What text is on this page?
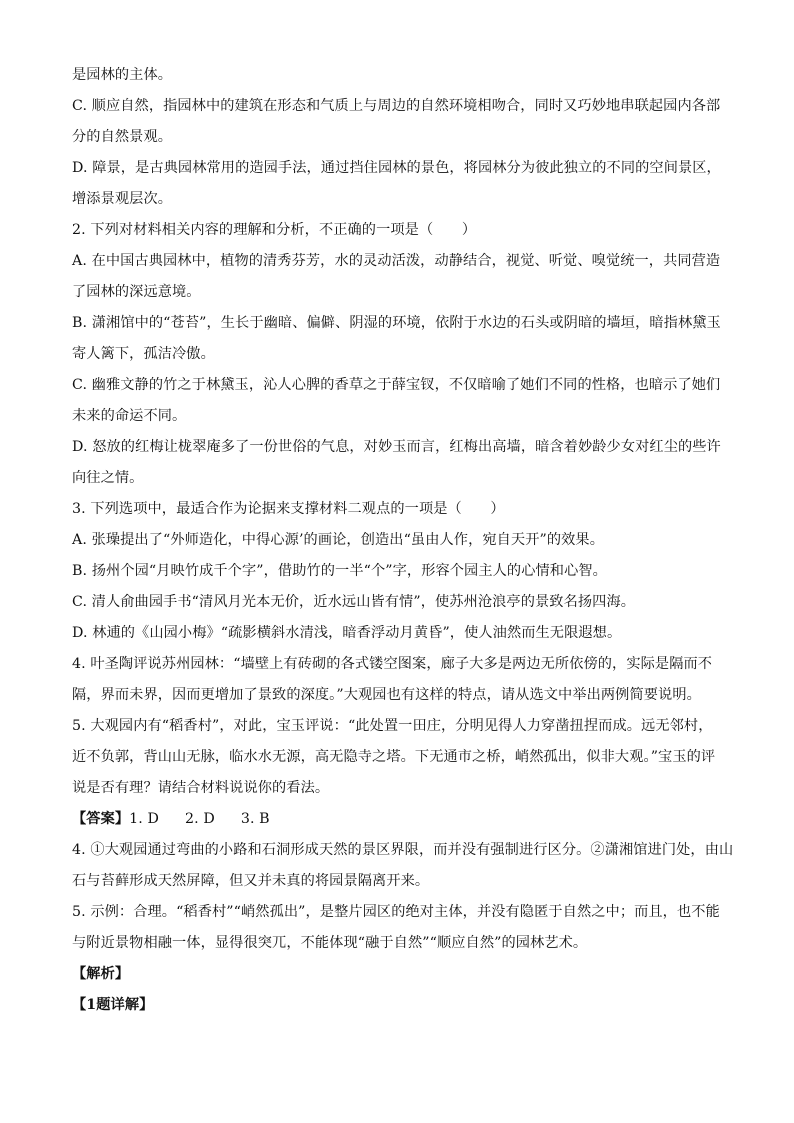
是园林的主体。
C. 顺应自然，指园林中的建筑在形态和气质上与周边的自然环境相吻合，同时又巧妙地串联起园内各部
分的自然景观。
D. 障景，是古典园林常用的造园手法，通过挡住园林的景色，将园林分为彼此独立的不同的空间景区，
增添景观层次。
2. 下列对材料相关内容的理解和分析，不正确的一项是（　　）
A. 在中国古典园林中，植物的清秀芬芳，水的灵动活泼，动静结合，视觉、听觉、嗅觉统一，共同营造
了园林的深远意境。
B. 潇湘馆中的“苍苔”，生长于幽暗、偏僻、阴湿的环境，依附于水边的石头或阴暗的墙垣，暗指林黛玉
寄人篱下，孤洁冷傲。
C. 幽雅文静的竹之于林黛玉，沁人心脾的香草之于薛宝钗，不仅暗喻了她们不同的性格，也暗示了她们
未来的命运不同。
D. 怒放的红梅让栊翠庵多了一份世俗的气息，对妙玉而言，红梅出高墙，暗含着妙龄少女对红尘的些许
向往之情。
3. 下列选项中，最适合作为论据来支撑材料二观点的一项是（　　）
A. 张璪提出了“外师造化，中得心源’的画论，创造出“虽由人作，宛自天开”的效果。
B. 扬州个园“月映竹成千个字”，借助竹的一半“个”字，形容个园主人的心情和心智。
C. 清人俞曲园手书“清风月光本无价，近水远山皆有情”，使苏州沧浪亭的景致名扬四海。
D. 林逋的《山园小梅》“疏影横斜水清浅，暗香浮动月黄昏”，使人油然而生无限遐想。
4. 叶圣陶评说苏州园林：“墙壁上有砖砌的各式镂空图案，廊子大多是两边无所依傍的，实际是隔而不
隔，界而未界，因而更增加了景致的深度。”大观园也有这样的特点，请从选文中举出两例简要说明。
5. 大观园内有“稻香村”，对此，宝玉评说：“此处置一田庄，分明见得人力穿凿扭捏而成。远无邻村，
近不负郭，背山山无脉，临水水无源，高无隐寺之塔。下无通市之桥，峭然孤出，似非大观。”宝玉的评
说是否有理？请结合材料说说你的看法。
【答案】1. D 2. D 3. B
4. ①大观园通过弯曲的小路和石洞形成天然的景区界限，而并没有强制进行区分。②潇湘馆进门处，由山
石与苔藓形成天然屏障，但又并未真的将园景隔离开来。
5. 示例：合理。“稻香村”“峭然孤出”，是整片园区的绝对主体，并没有隐匿于自然之中；而且，也不能
与附近景物相融一体，显得很突兀，不能体现“融于自然”“顺应自然”的园林艺术。
【解析】
【1题详解】
